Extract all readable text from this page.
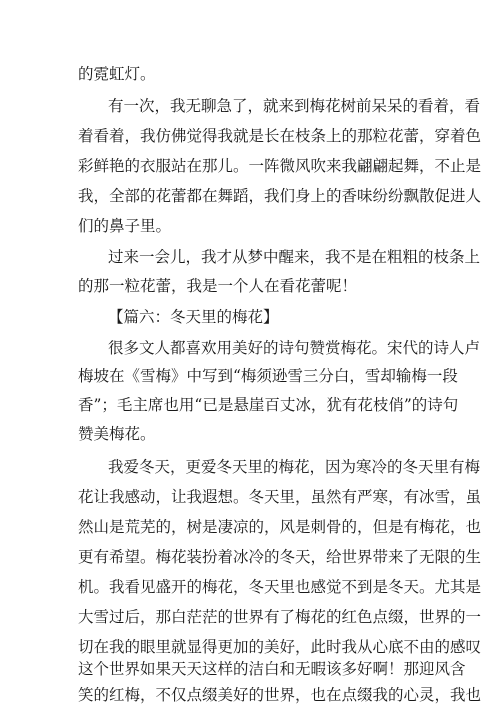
的霓虹灯。
有一次，我无聊急了，就来到梅花树前呆呆的看着，看
着看着，我仿佛觉得我就是长在枝条上的那粒花蕾，穿着色
彩鲜艳的衣服站在那儿。一阵微风吹来我翩翩起舞，不止是
我，全部的花蕾都在舞蹈，我们身上的香味纷纷飘散促进人
们的鼻子里。
过来一会儿，我才从梦中醒来，我不是在粗粗的枝条上
的那一粒花蕾，我是一个人在看花蕾呢！
【篇六：冬天里的梅花】
很多文人都喜欢用美好的诗句赞赏梅花。宋代的诗人卢
梅坡在《雪梅》中写到“梅须逊雪三分白，雪却输梅一段
香”；毛主席也用“已是悬崖百丈冰，犹有花枝俏”的诗句
赞美梅花。
我爱冬天，更爱冬天里的梅花，因为寒冷的冬天里有梅
花让我感动，让我遐想。冬天里，虽然有严寒，有冰雪，虽
然山是荒芜的，树是凄凉的，风是刺骨的，但是有梅花，也
更有希望。梅花装扮着冰冷的冬天，给世界带来了无限的生
机。我看见盛开的梅花，冬天里也感觉不到是冬天。尤其是
大雪过后，那白茫茫的世界有了梅花的红色点缀，世界的一
切在我的眼里就显得更加的美好，此时我从心底不由的感叹
这个世界如果天天这样的洁白和无暇该多好啊！那迎风含
笑的红梅，不仅点缀美好的世界，也在点缀我的心灵，我也
